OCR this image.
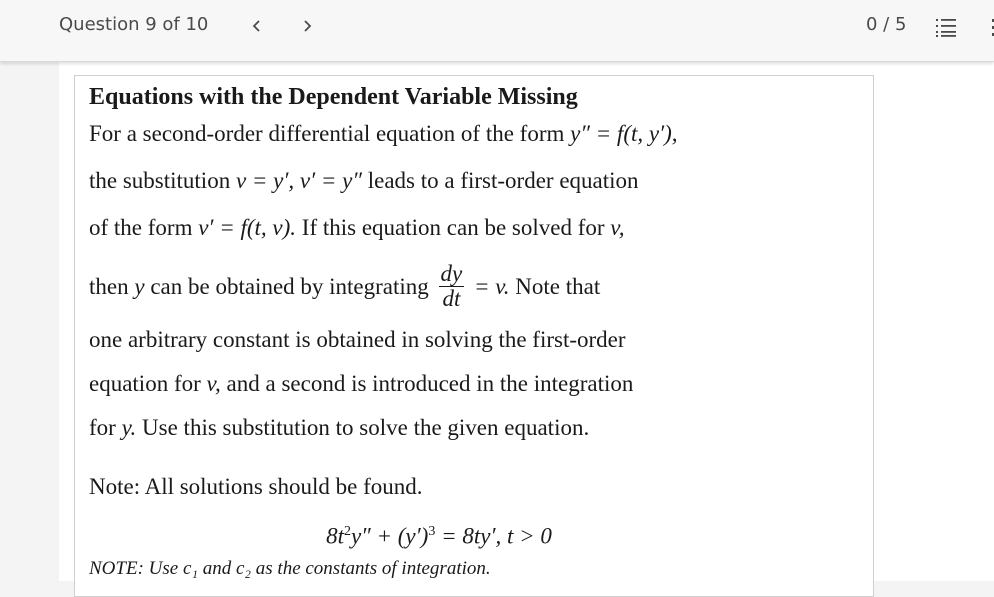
Question 9 of 10	0 / 5
Equations with the Dependent Variable Missing
For a second-order differential equation of the form y″ = f(t, y′),
the substitution v = y′, v′ = y″ leads to a first-order equation
of the form v′ = f(t, v). If this equation can be solved for v,
then y can be obtained by integrating $\frac{dy}{dt} = v$. Note that
one arbitrary constant is obtained in solving the first-order
equation for v, and a second is introduced in the integration
for y. Use this substitution to solve the given equation.
Note: All solutions should be found.
$8t^2y'' + (y')^3 = 8ty'$, t > 0
NOTE: Use c₁ and c₂ as the constants of integration.
